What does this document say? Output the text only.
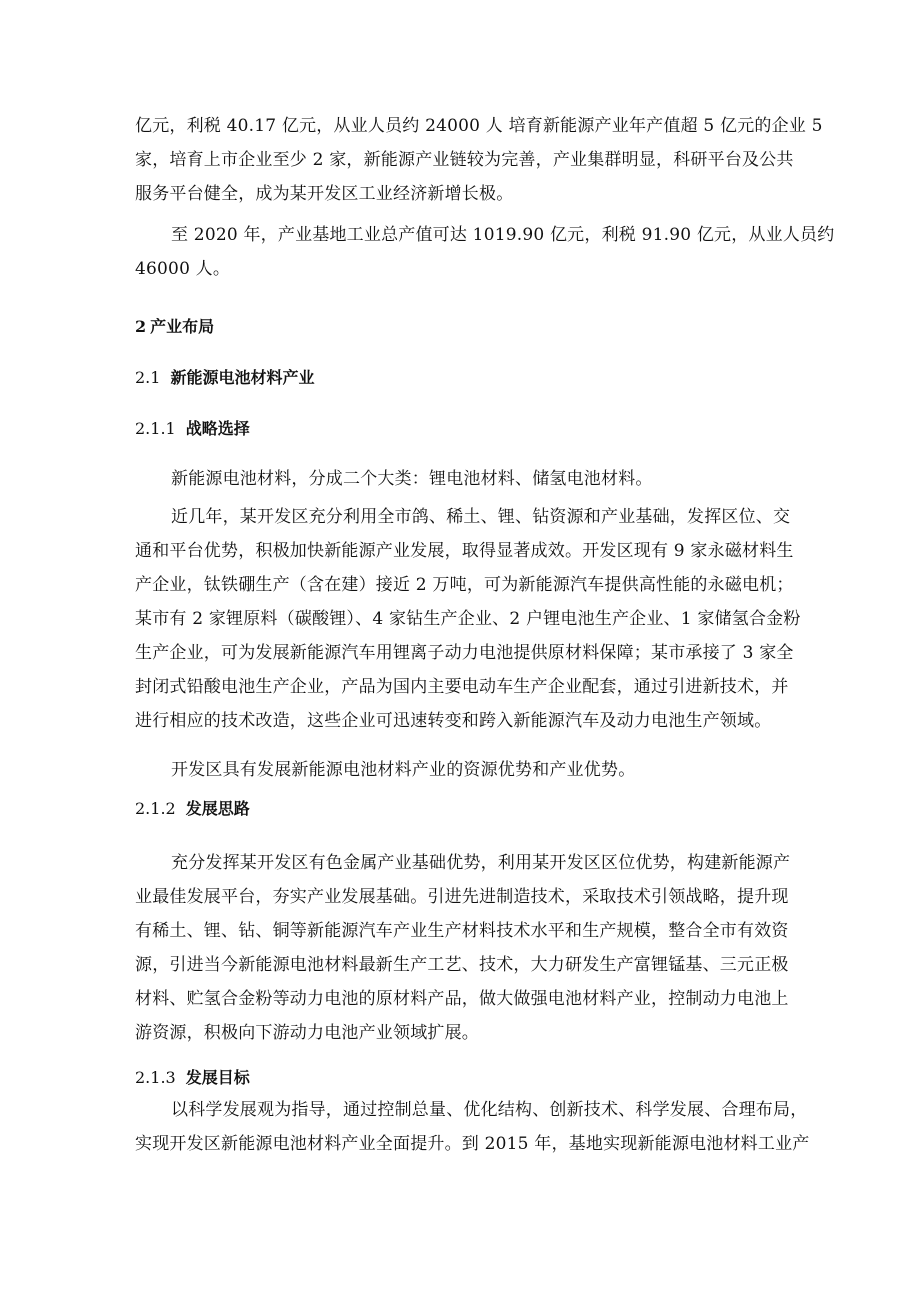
亿元，利税 40.17 亿元，从业人员约 24000 人 培育新能源产业年产值超 5 亿元的企业 5
家，培育上市企业至少 2 家，新能源产业链较为完善，产业集群明显，科研平台及公共
服务平台健全，成为某开发区工业经济新增长极。

至 2020 年，产业基地工业总产值可达 1019.90 亿元，利税 91.90 亿元，从业人员约
46000 人。

2 产业布局
2.1 新能源电池材料产业
2.1.1 战略选择

新能源电池材料，分成二个大类：锂电池材料、储氢电池材料。

近几年，某开发区充分利用全市鸽、稀土、锂、钻资源和产业基础，发挥区位、交
通和平台优势，积极加快新能源产业发展，取得显著成效。开发区现有 9 家永磁材料生
产企业，钛铁硼生产（含在建）接近 2 万吨，可为新能源汽车提供高性能的永磁电机；
某市有 2 家锂原料（碳酸锂）、4 家钻生产企业、2 户锂电池生产企业、1 家储氢合金粉
生产企业，可为发展新能源汽车用锂离子动力电池提供原材料保障；某市承接了 3 家全
封闭式铅酸电池生产企业，产品为国内主要电动车生产企业配套，通过引进新技术，并
进行相应的技术改造，这些企业可迅速转变和跨入新能源汽车及动力电池生产领域。

开发区具有发展新能源电池材料产业的资源优势和产业优势。

2.1.2 发展思路

充分发挥某开发区有色金属产业基础优势，利用某开发区区位优势，构建新能源产
业最佳发展平台，夯实产业发展基础。引进先进制造技术，采取技术引领战略，提升现
有稀土、锂、钻、铜等新能源汽车产业生产材料技术水平和生产规模，整合全市有效资
源，引进当今新能源电池材料最新生产工艺、技术，大力研发生产富锂锰基、三元正极
材料、贮氢合金粉等动力电池的原材料产品，做大做强电池材料产业，控制动力电池上
游资源，积极向下游动力电池产业领域扩展。

2.1.3 发展目标

以科学发展观为指导，通过控制总量、优化结构、创新技术、科学发展、合理布局，
实现开发区新能源电池材料产业全面提升。到 2015 年，基地实现新能源电池材料工业产
